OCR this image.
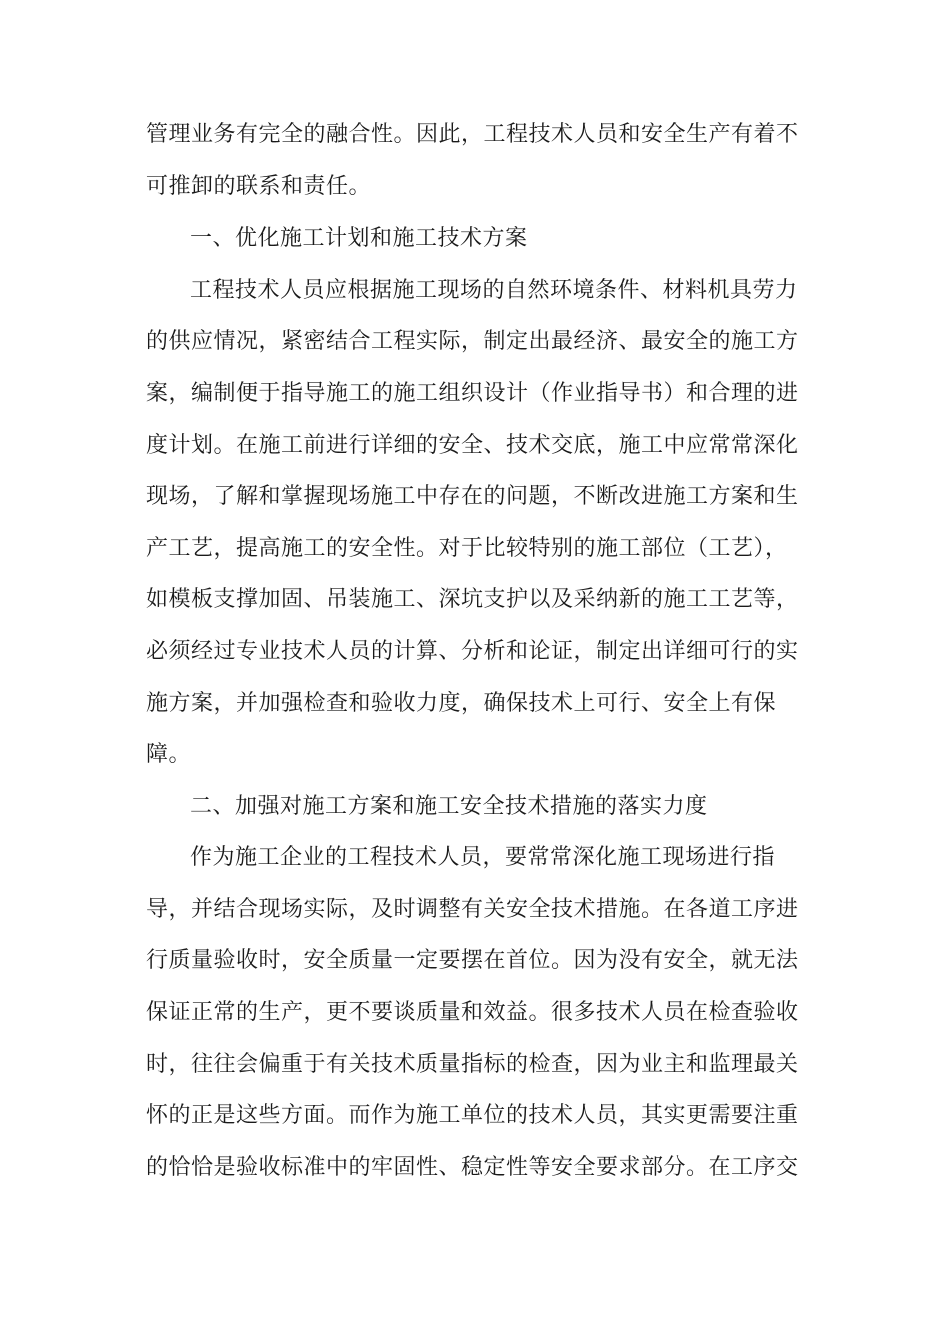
管理业务有完全的融合性。因此，工程技术人员和安全生产有着不
可推卸的联系和责任。
一、优化施工计划和施工技术方案
工程技术人员应根据施工现场的自然环境条件、材料机具劳力
的供应情况，紧密结合工程实际，制定出最经济、最安全的施工方
案，编制便于指导施工的施工组织设计（作业指导书）和合理的进
度计划。在施工前进行详细的安全、技术交底，施工中应常常深化
现场，了解和掌握现场施工中存在的问题，不断改进施工方案和生
产工艺，提高施工的安全性。对于比较特别的施工部位（工艺），
如模板支撑加固、吊装施工、深坑支护以及采纳新的施工工艺等，
必须经过专业技术人员的计算、分析和论证，制定出详细可行的实
施方案，并加强检查和验收力度，确保技术上可行、安全上有保
障。
二、加强对施工方案和施工安全技术措施的落实力度
作为施工企业的工程技术人员，要常常深化施工现场进行指
导，并结合现场实际，及时调整有关安全技术措施。在各道工序进
行质量验收时，安全质量一定要摆在首位。因为没有安全，就无法
保证正常的生产，更不要谈质量和效益。很多技术人员在检查验收
时，往往会偏重于有关技术质量指标的检查，因为业主和监理最关
怀的正是这些方面。而作为施工单位的技术人员，其实更需要注重
的恰恰是验收标准中的牢固性、稳定性等安全要求部分。在工序交
